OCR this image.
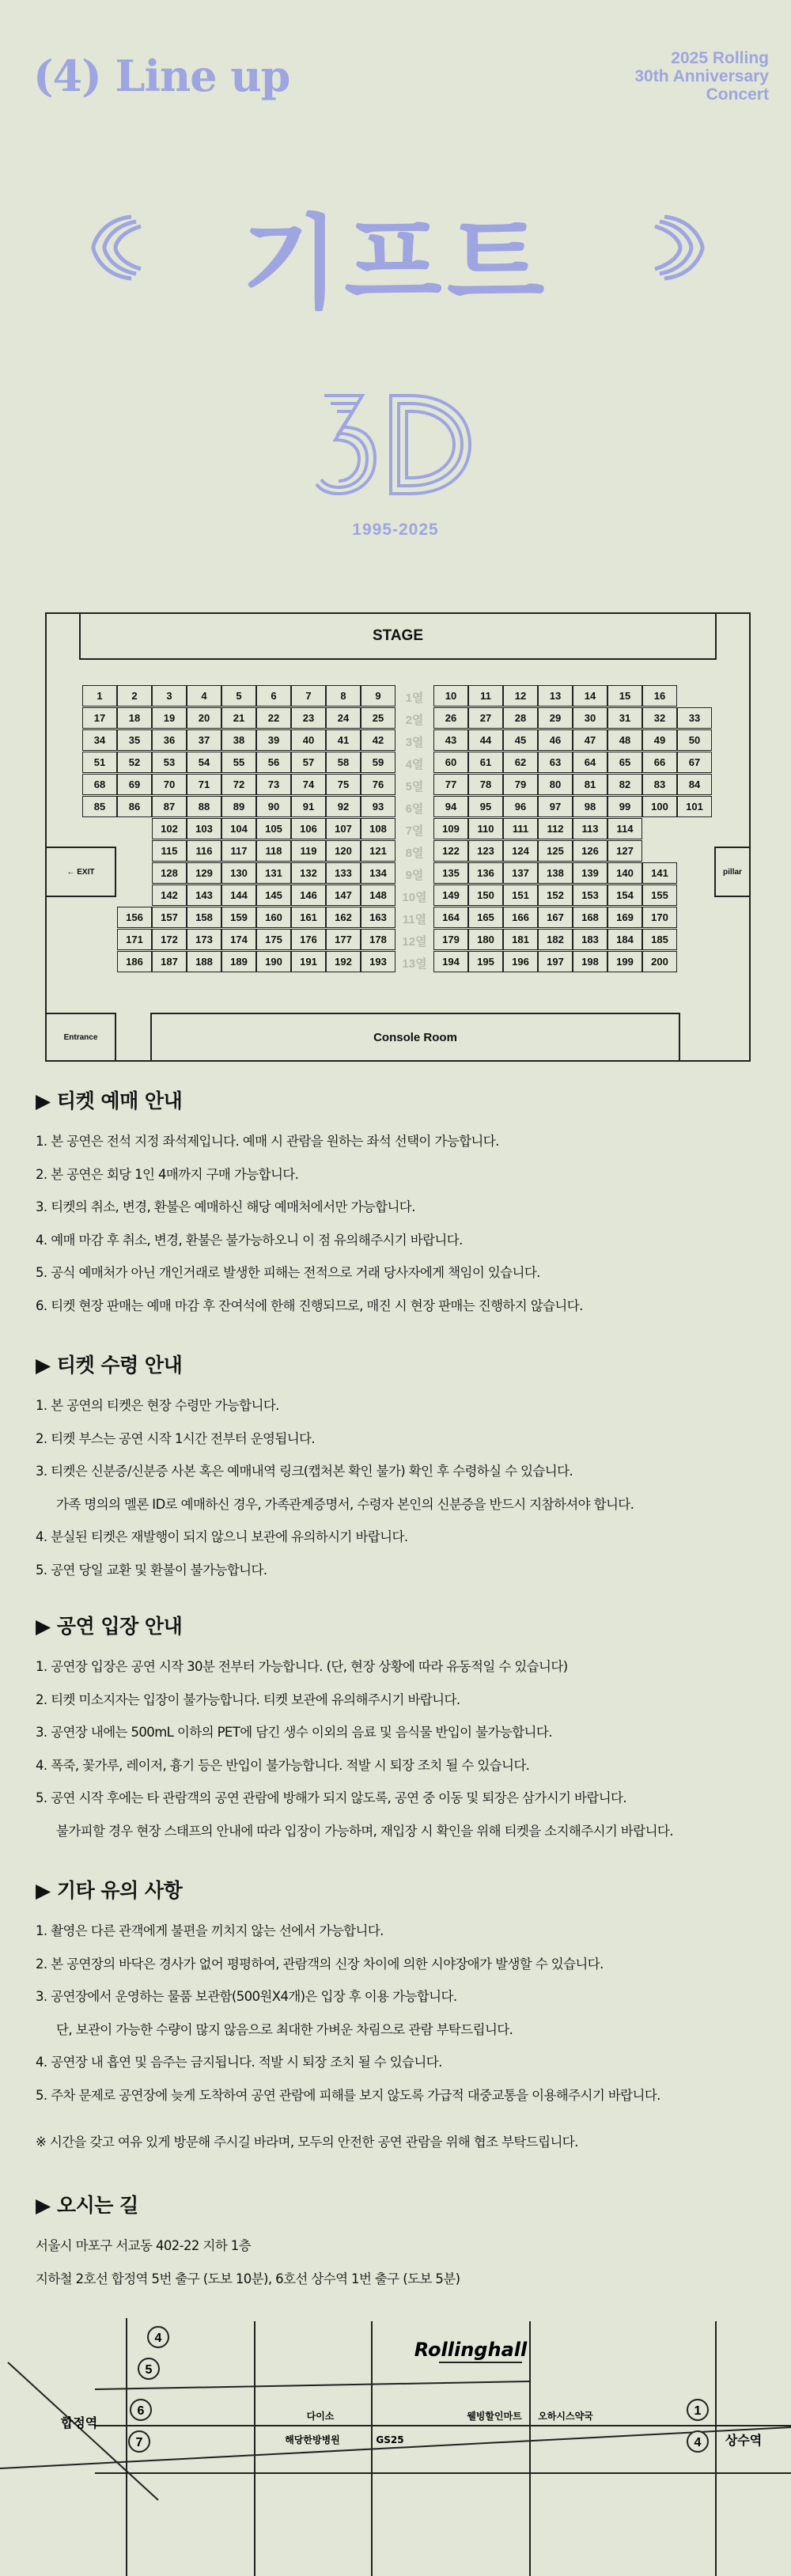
(4) Line up	2025 Rolling
30th Anniversary
Concert
기프트
3D
1995-2025
STAGE
1	2	3	4	5	6	7	8	9	10	11	12	13	14	15	16
1열
17	18	19	20	21	22	23	24	25	26	27	28	29	30	31	32	33
2열
34	35	36	37	38	39	40	41	42	43	44	45	46	47	48	49	50
3열
51	52	53	54	55	56	57	58	59	60	61	62	63	64	65	66	67
4열
68	69	70	71	72	73	74	75	76	77	78	79	80	81	82	83	84
5열
85	86	87	88	89	90	91	92	93	94	95	96	97	98	99	100	101
6열
102	103	104	105	106	107	108	109	110	111	112	113	114
7열
115	116	117	118	119	120	121	122	123	124	125	126	127
8열
128	129	130	131	132	133	134	135	136	137	138	139	140	141
9열
142	143	144	145	146	147	148	149	150	151	152	153	154	155
10열
156	157	158	159	160	161	162	163	164	165	166	167	168	169	170
11열
171	172	173	174	175	176	177	178	179	180	181	182	183	184	185
12열
186	187	188	189	190	191	192	193	194	195	196	197	198	199	200
13열
← EXIT	pillar
Entrance	Console Room
▶ 티켓 예매 안내
1. 본 공연은 전석 지정 좌석제입니다. 예매 시 관람을 원하는 좌석 선택이 가능합니다.
2. 본 공연은 회당 1인 4매까지 구매 가능합니다.
3. 티켓의 취소, 변경, 환불은 예매하신 해당 예매처에서만 가능합니다.
4. 예매 마감 후 취소, 변경, 환불은 불가능하오니 이 점 유의해주시기 바랍니다.
5. 공식 예매처가 아닌 개인거래로 발생한 피해는 전적으로 거래 당사자에게 책임이 있습니다.
6. 티켓 현장 판매는 예매 마감 후 잔여석에 한해 진행되므로, 매진 시 현장 판매는 진행하지 않습니다.
▶ 티켓 수령 안내
1. 본 공연의 티켓은 현장 수령만 가능합니다.
2. 티켓 부스는 공연 시작 1시간 전부터 운영됩니다.
3. 티켓은 신분증/신분증 사본 혹은 예매내역 링크(캡처본 확인 불가) 확인 후 수령하실 수 있습니다.
가족 명의의 멜론 ID로 예매하신 경우, 가족관계증명서, 수령자 본인의 신분증을 반드시 지참하셔야 합니다.
4. 분실된 티켓은 재발행이 되지 않으니 보관에 유의하시기 바랍니다.
5. 공연 당일 교환 및 환불이 불가능합니다.
▶ 공연 입장 안내
1. 공연장 입장은 공연 시작 30분 전부터 가능합니다. (단, 현장 상황에 따라 유동적일 수 있습니다)
2. 티켓 미소지자는 입장이 불가능합니다. 티켓 보관에 유의해주시기 바랍니다.
3. 공연장 내에는 500mL 이하의 PET에 담긴 생수 이외의 음료 및 음식물 반입이 불가능합니다.
4. 폭죽, 꽃가루, 레이저, 흉기 등은 반입이 불가능합니다. 적발 시 퇴장 조치 될 수 있습니다.
5. 공연 시작 후에는 타 관람객의 공연 관람에 방해가 되지 않도록, 공연 중 이동 및 퇴장은 삼가시기 바랍니다.
불가피할 경우 현장 스태프의 안내에 따라 입장이 가능하며, 재입장 시 확인을 위해 티켓을 소지해주시기 바랍니다.
▶ 기타 유의 사항
1. 촬영은 다른 관객에게 불편을 끼치지 않는 선에서 가능합니다.
2. 본 공연장의 바닥은 경사가 없어 평평하여, 관람객의 신장 차이에 의한 시야장애가 발생할 수 있습니다.
3. 공연장에서 운영하는 물품 보관함(500원X4개)은 입장 후 이용 가능합니다.
단, 보관이 가능한 수량이 많지 않음으로 최대한 가벼운 차림으로 관람 부탁드립니다.
4. 공연장 내 흡연 및 음주는 금지됩니다. 적발 시 퇴장 조치 될 수 있습니다.
5. 주차 문제로 공연장에 늦게 도착하여 공연 관람에 피해를 보지 않도록 가급적 대중교통을 이용해주시기 바랍니다.
※ 시간을 갖고 여유 있게 방문해 주시길 바라며, 모두의 안전한 공연 관람을 위해 협조 부탁드립니다.
▶ 오시는 길
서울시 마포구 서교동 402-22 지하 1층
지하철 2호선 합정역 5번 출구 (도보 10분), 6호선 상수역 1번 출구 (도보 5분)
Rollinghall
합정역
상수역
다이소	웰빙할인마트 오하시스약국
해당한방병원	GS25
4
5
6
7
1
4
